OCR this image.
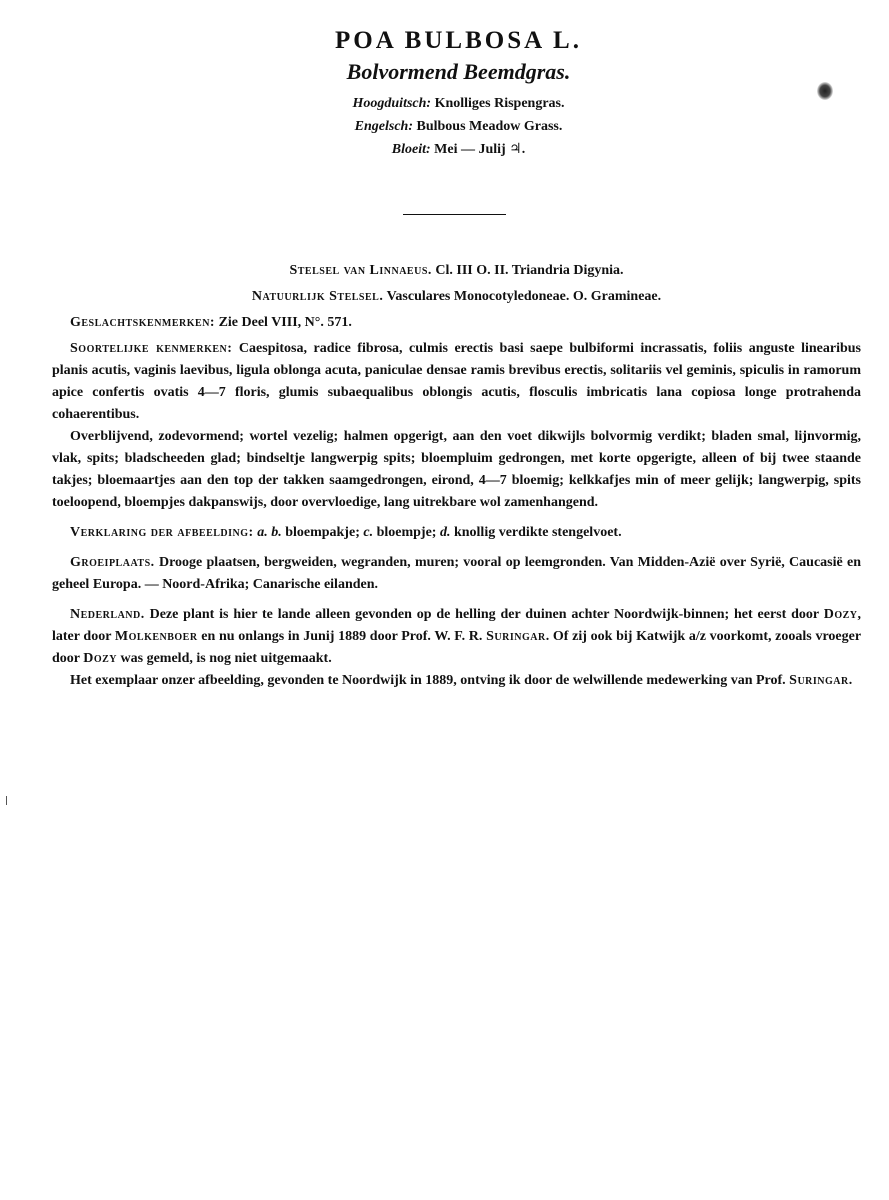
POA BULBOSA L.
Bolvormend Beemdgras.
Hoogduitsch: Knolliges Rispengras.
Engelsch: Bulbous Meadow Grass.
Bloeit: Mei — Julij ♃.

Stelsel van Linnaeus. Cl. III O. II. Triandria Digynia.

Natuurlijk Stelsel. Vasculares Monocotyledoneae. O. Gramineae.

Geslachtskenmerken: Zie Deel VIII, N°. 571.

Soortelijke kenmerken: Caespitosa, radice fibrosa, culmis erectis basi saepe bulbiformi incrassatis, foliis anguste linearibus planis acutis, vaginis laevibus, ligula oblonga acuta, paniculae densae ramis brevibus erectis, solitariis vel geminis, spiculis in ramorum apice confertis ovatis 4—7 floris, glumis subaequalibus oblongis acutis, flosculis imbricatis lana copiosa longe protrahenda cohaerentibus.

Overblijvend, zodevormend; wortel vezelig; halmen opgerigt, aan den voet dikwijls bolvormig verdikt; bladen smal, lijnvormig, vlak, spits; bladscheeden glad; bindseltje langwerpig spits; bloempluim gedrongen, met korte opgerigte, alleen of bij twee staande takjes; bloemaartjes aan den top der takken saamgedrongen, eirond, 4—7 bloemig; kelkkafjes min of meer gelijk; langwerpig, spits toeloopend, bloempjes dakpanswijs, door overvloedige, lang uitrekbare wol zamenhangend.

Verklaring der afbeelding: a. b. bloempakje; c. bloempje; d. knollig verdikte stengelvoet.

Groeiplaats. Drooge plaatsen, bergweiden, wegranden, muren; vooral op leemgronden. Van Midden-Azië over Syrië, Caucasië en geheel Europa. — Noord-Afrika; Canarische eilanden.

Nederland. Deze plant is hier te lande alleen gevonden op de helling der duinen achter Noordwijk-binnen; het eerst door Dozy, later door Molkenboer en nu onlangs in Junij 1889 door Prof. W. F. R. Suringar. Of zij ook bij Katwijk a/z voorkomt, zooals vroeger door Dozy was gemeld, is nog niet uitgemaakt.

Het exemplaar onzer afbeelding, gevonden te Noordwijk in 1889, ontving ik door de welwillende medewerking van Prof. Suringar.
